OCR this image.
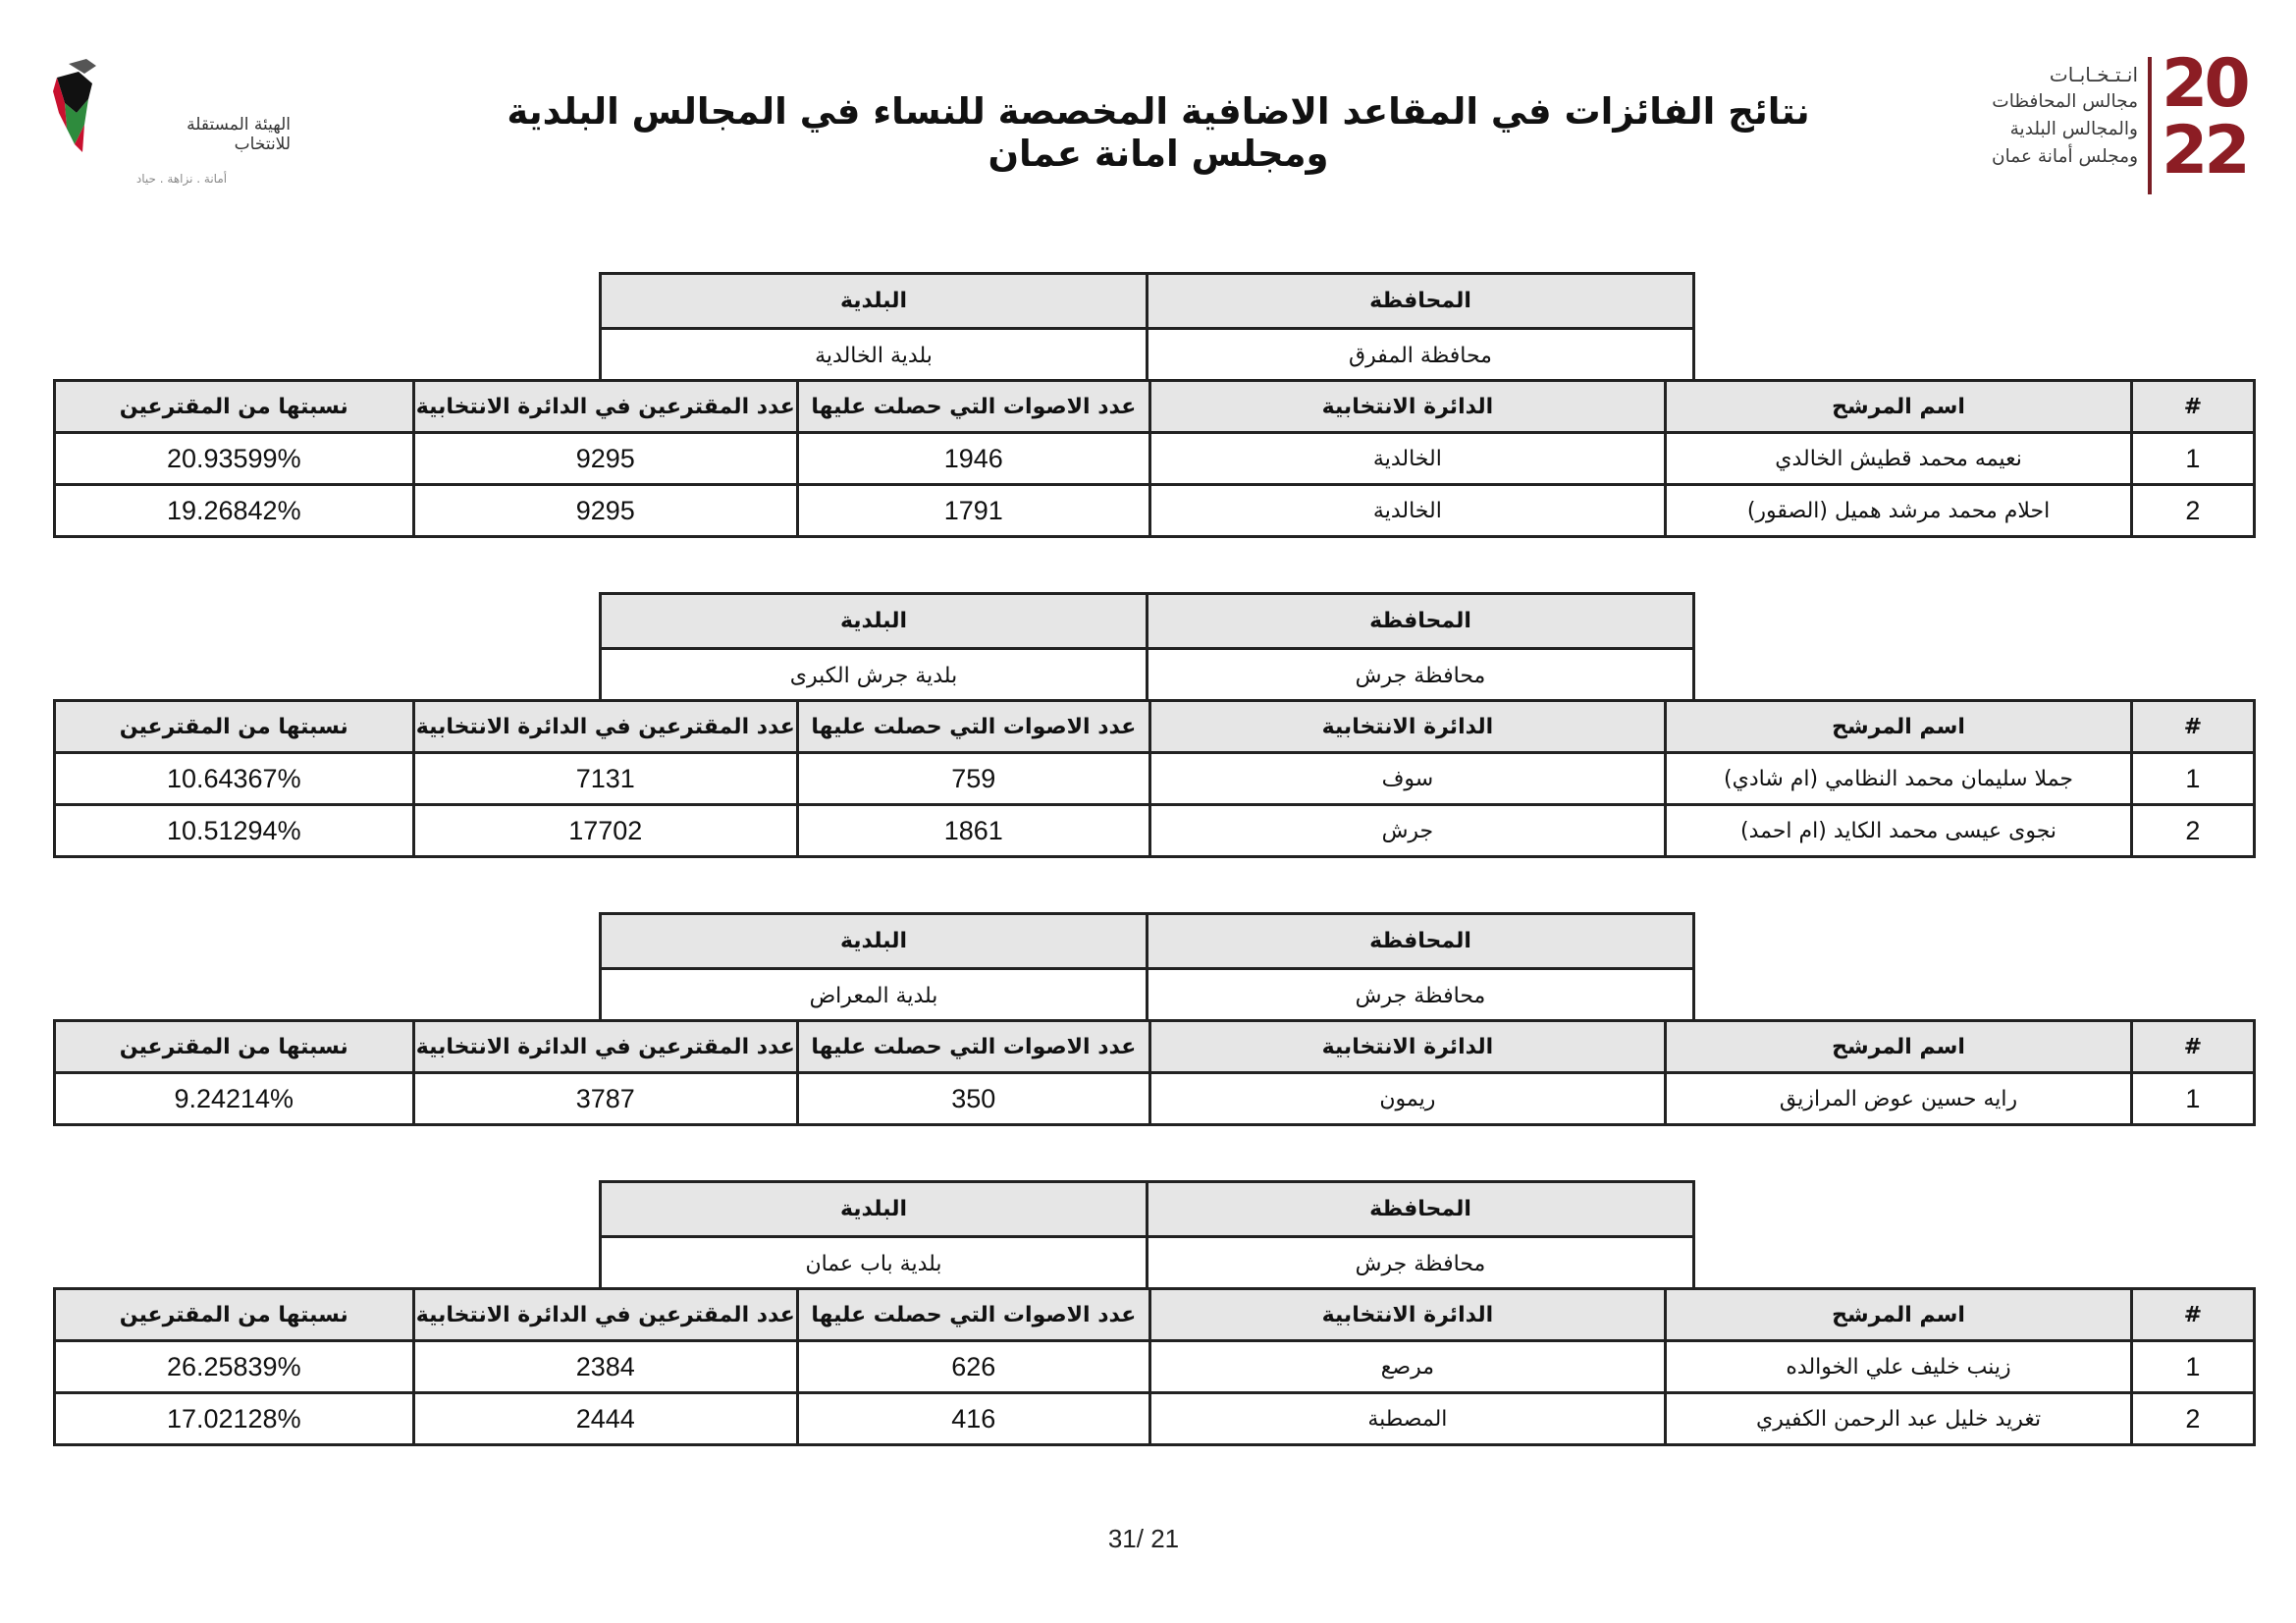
الهيئة المستقلة
للانتخاب
أمانة . نزاهة . حياد
نتائج الفائزات في المقاعد الاضافية المخصصة للنساء في المجالس البلدية ومجلس امانة عمان
انـتـخـابـات
مجالس المحافظات
والمجالس البلدية
ومجلس أمانة عمان
20
22
المحافظة	البلدية
محافظة المفرق	بلدية الخالدية
#	اسم المرشح	الدائرة الانتخابية	عدد الاصوات التي حصلت عليها	عدد المقترعين في الدائرة الانتخابية	نسبتها من المقترعين
1	نعيمه محمد قطيش الخالدي	الخالدية	1946	9295	20.93599%
2	احلام محمد مرشد هميل (الصقور)	الخالدية	1791	9295	19.26842%
المحافظة	البلدية
محافظة جرش	بلدية جرش الكبرى
#	اسم المرشح	الدائرة الانتخابية	عدد الاصوات التي حصلت عليها	عدد المقترعين في الدائرة الانتخابية	نسبتها من المقترعين
1	جملا سليمان محمد النظامي (ام شادي)	سوف	759	7131	10.64367%
2	نجوى عيسى محمد الكايد (ام احمد)	جرش	1861	17702	10.51294%
المحافظة	البلدية
محافظة جرش	بلدية المعراض
#	اسم المرشح	الدائرة الانتخابية	عدد الاصوات التي حصلت عليها	عدد المقترعين في الدائرة الانتخابية	نسبتها من المقترعين
1	رايه حسين عوض المرازيق	ريمون	350	3787	9.24214%
المحافظة	البلدية
محافظة جرش	بلدية باب عمان
#	اسم المرشح	الدائرة الانتخابية	عدد الاصوات التي حصلت عليها	عدد المقترعين في الدائرة الانتخابية	نسبتها من المقترعين
1	زينب خليف علي الخوالده	مرصع	626	2384	26.25839%
2	تغريد خليل عبد الرحمن الكفيري	المصطبة	416	2444	17.02128%
31/ 21
